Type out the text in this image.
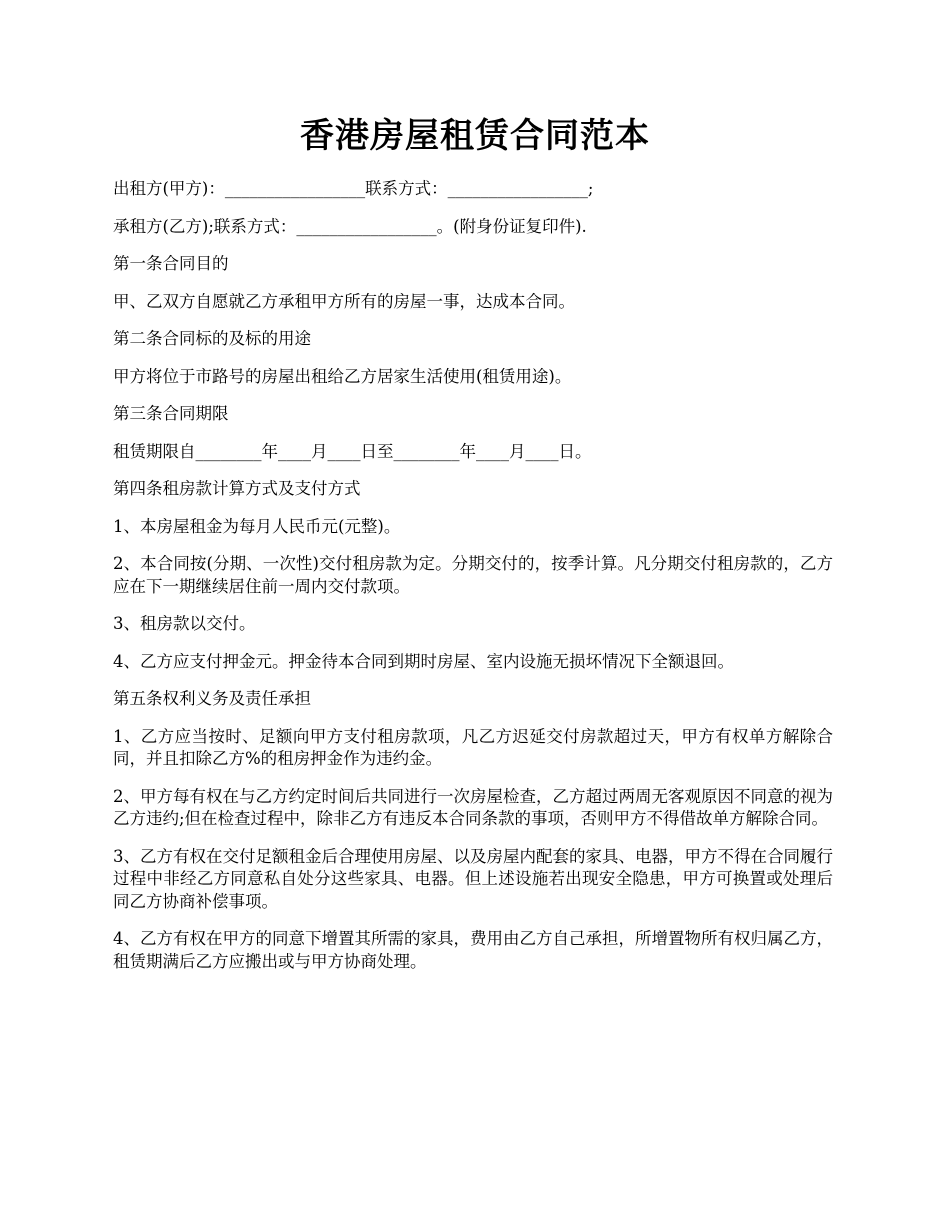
香港房屋租赁合同范本

出租方(甲方)：_________________联系方式：_________________;

承租方(乙方);联系方式：_________________。(附身份证复印件).

第一条合同目的

甲、乙双方自愿就乙方承租甲方所有的房屋一事，达成本合同。

第二条合同标的及标的用途

甲方将位于市路号的房屋出租给乙方居家生活使用(租赁用途)。

第三条合同期限

租赁期限自________年____月____日至________年____月____日。

第四条租房款计算方式及支付方式

1、本房屋租金为每月人民币元(元整)。

2、本合同按(分期、一次性)交付租房款为定。分期交付的，按季计算。凡分期交付租房款的，乙方应在下一期继续居住前一周内交付款项。

3、租房款以交付。

4、乙方应支付押金元。押金待本合同到期时房屋、室内设施无损坏情况下全额退回。

第五条权利义务及责任承担

1、乙方应当按时、足额向甲方支付租房款项，凡乙方迟延交付房款超过天，甲方有权单方解除合同，并且扣除乙方%的租房押金作为违约金。

2、甲方每有权在与乙方约定时间后共同进行一次房屋检查，乙方超过两周无客观原因不同意的视为乙方违约;但在检查过程中，除非乙方有违反本合同条款的事项，否则甲方不得借故单方解除合同。

3、乙方有权在交付足额租金后合理使用房屋、以及房屋内配套的家具、电器，甲方不得在合同履行过程中非经乙方同意私自处分这些家具、电器。但上述设施若出现安全隐患，甲方可换置或处理后同乙方协商补偿事项。

4、乙方有权在甲方的同意下增置其所需的家具，费用由乙方自己承担，所增置物所有权归属乙方，租赁期满后乙方应搬出或与甲方协商处理。
